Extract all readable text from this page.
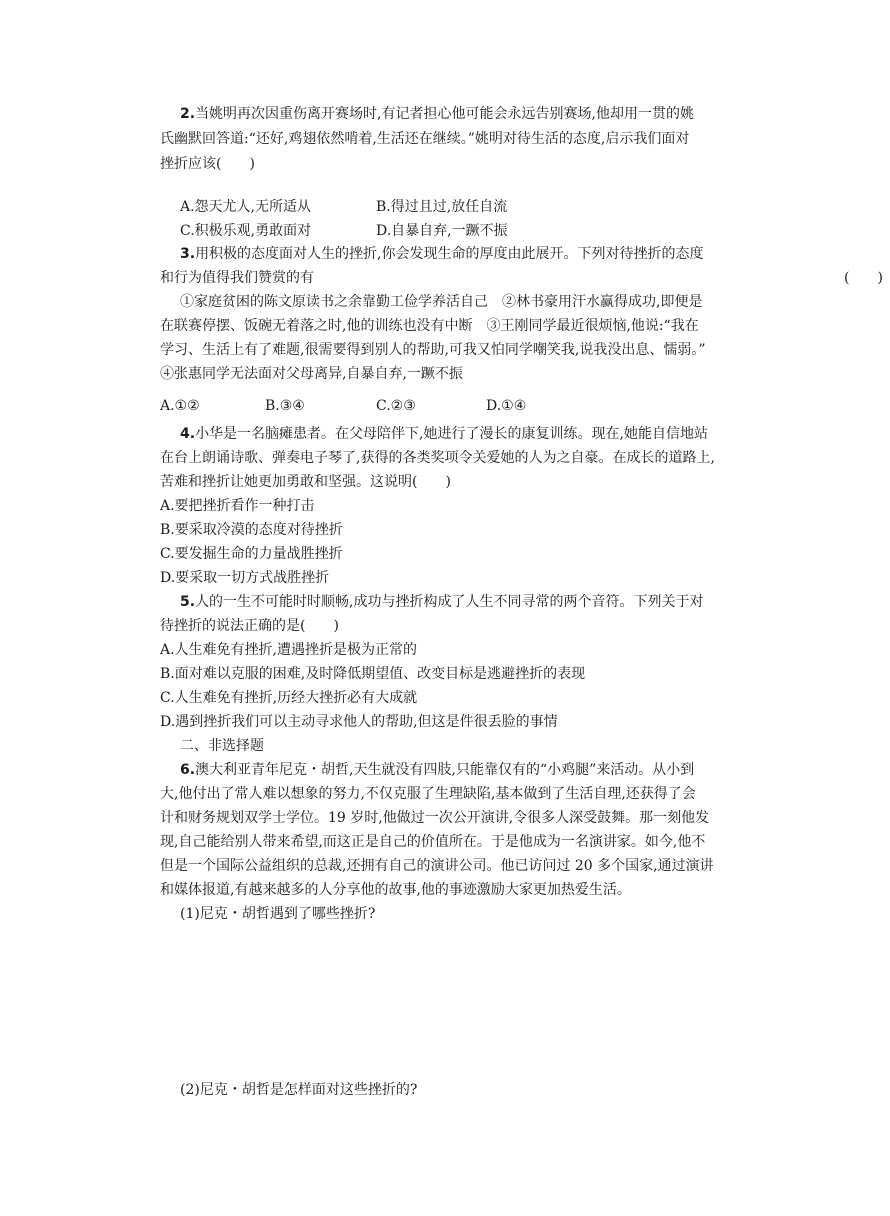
2.当姚明再次因重伤离开赛场时,有记者担心他可能会永远告别赛场,他却用一贯的姚
氏幽默回答道:“还好,鸡翅依然啃着,生活还在继续。”姚明对待生活的态度,启示我们面对
挫折应该(　　)
A.怨天尤人,无所适从	B.得过且过,放任自流
C.积极乐观,勇敢面对	D.自暴自弃,一蹶不振
3.用积极的态度面对人生的挫折,你会发现生命的厚度由此展开。下列对待挫折的态度
和行为值得我们赞赏的有	(　　)
①家庭贫困的陈文原读书之余靠勤工俭学养活自己　②林书豪用汗水赢得成功,即便是
在联赛停摆、饭碗无着落之时,他的训练也没有中断　③王刚同学最近很烦恼,他说:“我在
学习、生活上有了难题,很需要得到别人的帮助,可我又怕同学嘲笑我,说我没出息、懦弱。”
④张惠同学无法面对父母离异,自暴自弃,一蹶不振
A.①②	B.③④	C.②③	D.①④
4.小华是一名脑瘫患者。在父母陪伴下,她进行了漫长的康复训练。现在,她能自信地站
在台上朗诵诗歌、弹奏电子琴了,获得的各类奖项令关爱她的人为之自豪。在成长的道路上,
苦难和挫折让她更加勇敢和坚强。这说明(　　)
A.要把挫折看作一种打击
B.要采取冷漠的态度对待挫折
C.要发掘生命的力量战胜挫折
D.要采取一切方式战胜挫折
5.人的一生不可能时时顺畅,成功与挫折构成了人生不同寻常的两个音符。下列关于对
待挫折的说法正确的是(　　)
A.人生难免有挫折,遭遇挫折是极为正常的
B.面对难以克服的困难,及时降低期望值、改变目标是逃避挫折的表现
C.人生难免有挫折,历经大挫折必有大成就
D.遇到挫折我们可以主动寻求他人的帮助,但这是件很丢脸的事情
二、非选择题
6.澳大利亚青年尼克・胡哲,天生就没有四肢,只能靠仅有的“小鸡腿”来活动。从小到
大,他付出了常人难以想象的努力,不仅克服了生理缺陷,基本做到了生活自理,还获得了会
计和财务规划双学士学位。19 岁时,他做过一次公开演讲,令很多人深受鼓舞。那一刻他发
现,自己能给别人带来希望,而这正是自己的价值所在。于是他成为一名演讲家。如今,他不
但是一个国际公益组织的总裁,还拥有自己的演讲公司。他已访问过 20 多个国家,通过演讲
和媒体报道,有越来越多的人分享他的故事,他的事迹激励大家更加热爱生活。
(1)尼克・胡哲遇到了哪些挫折?
(2)尼克・胡哲是怎样面对这些挫折的?
